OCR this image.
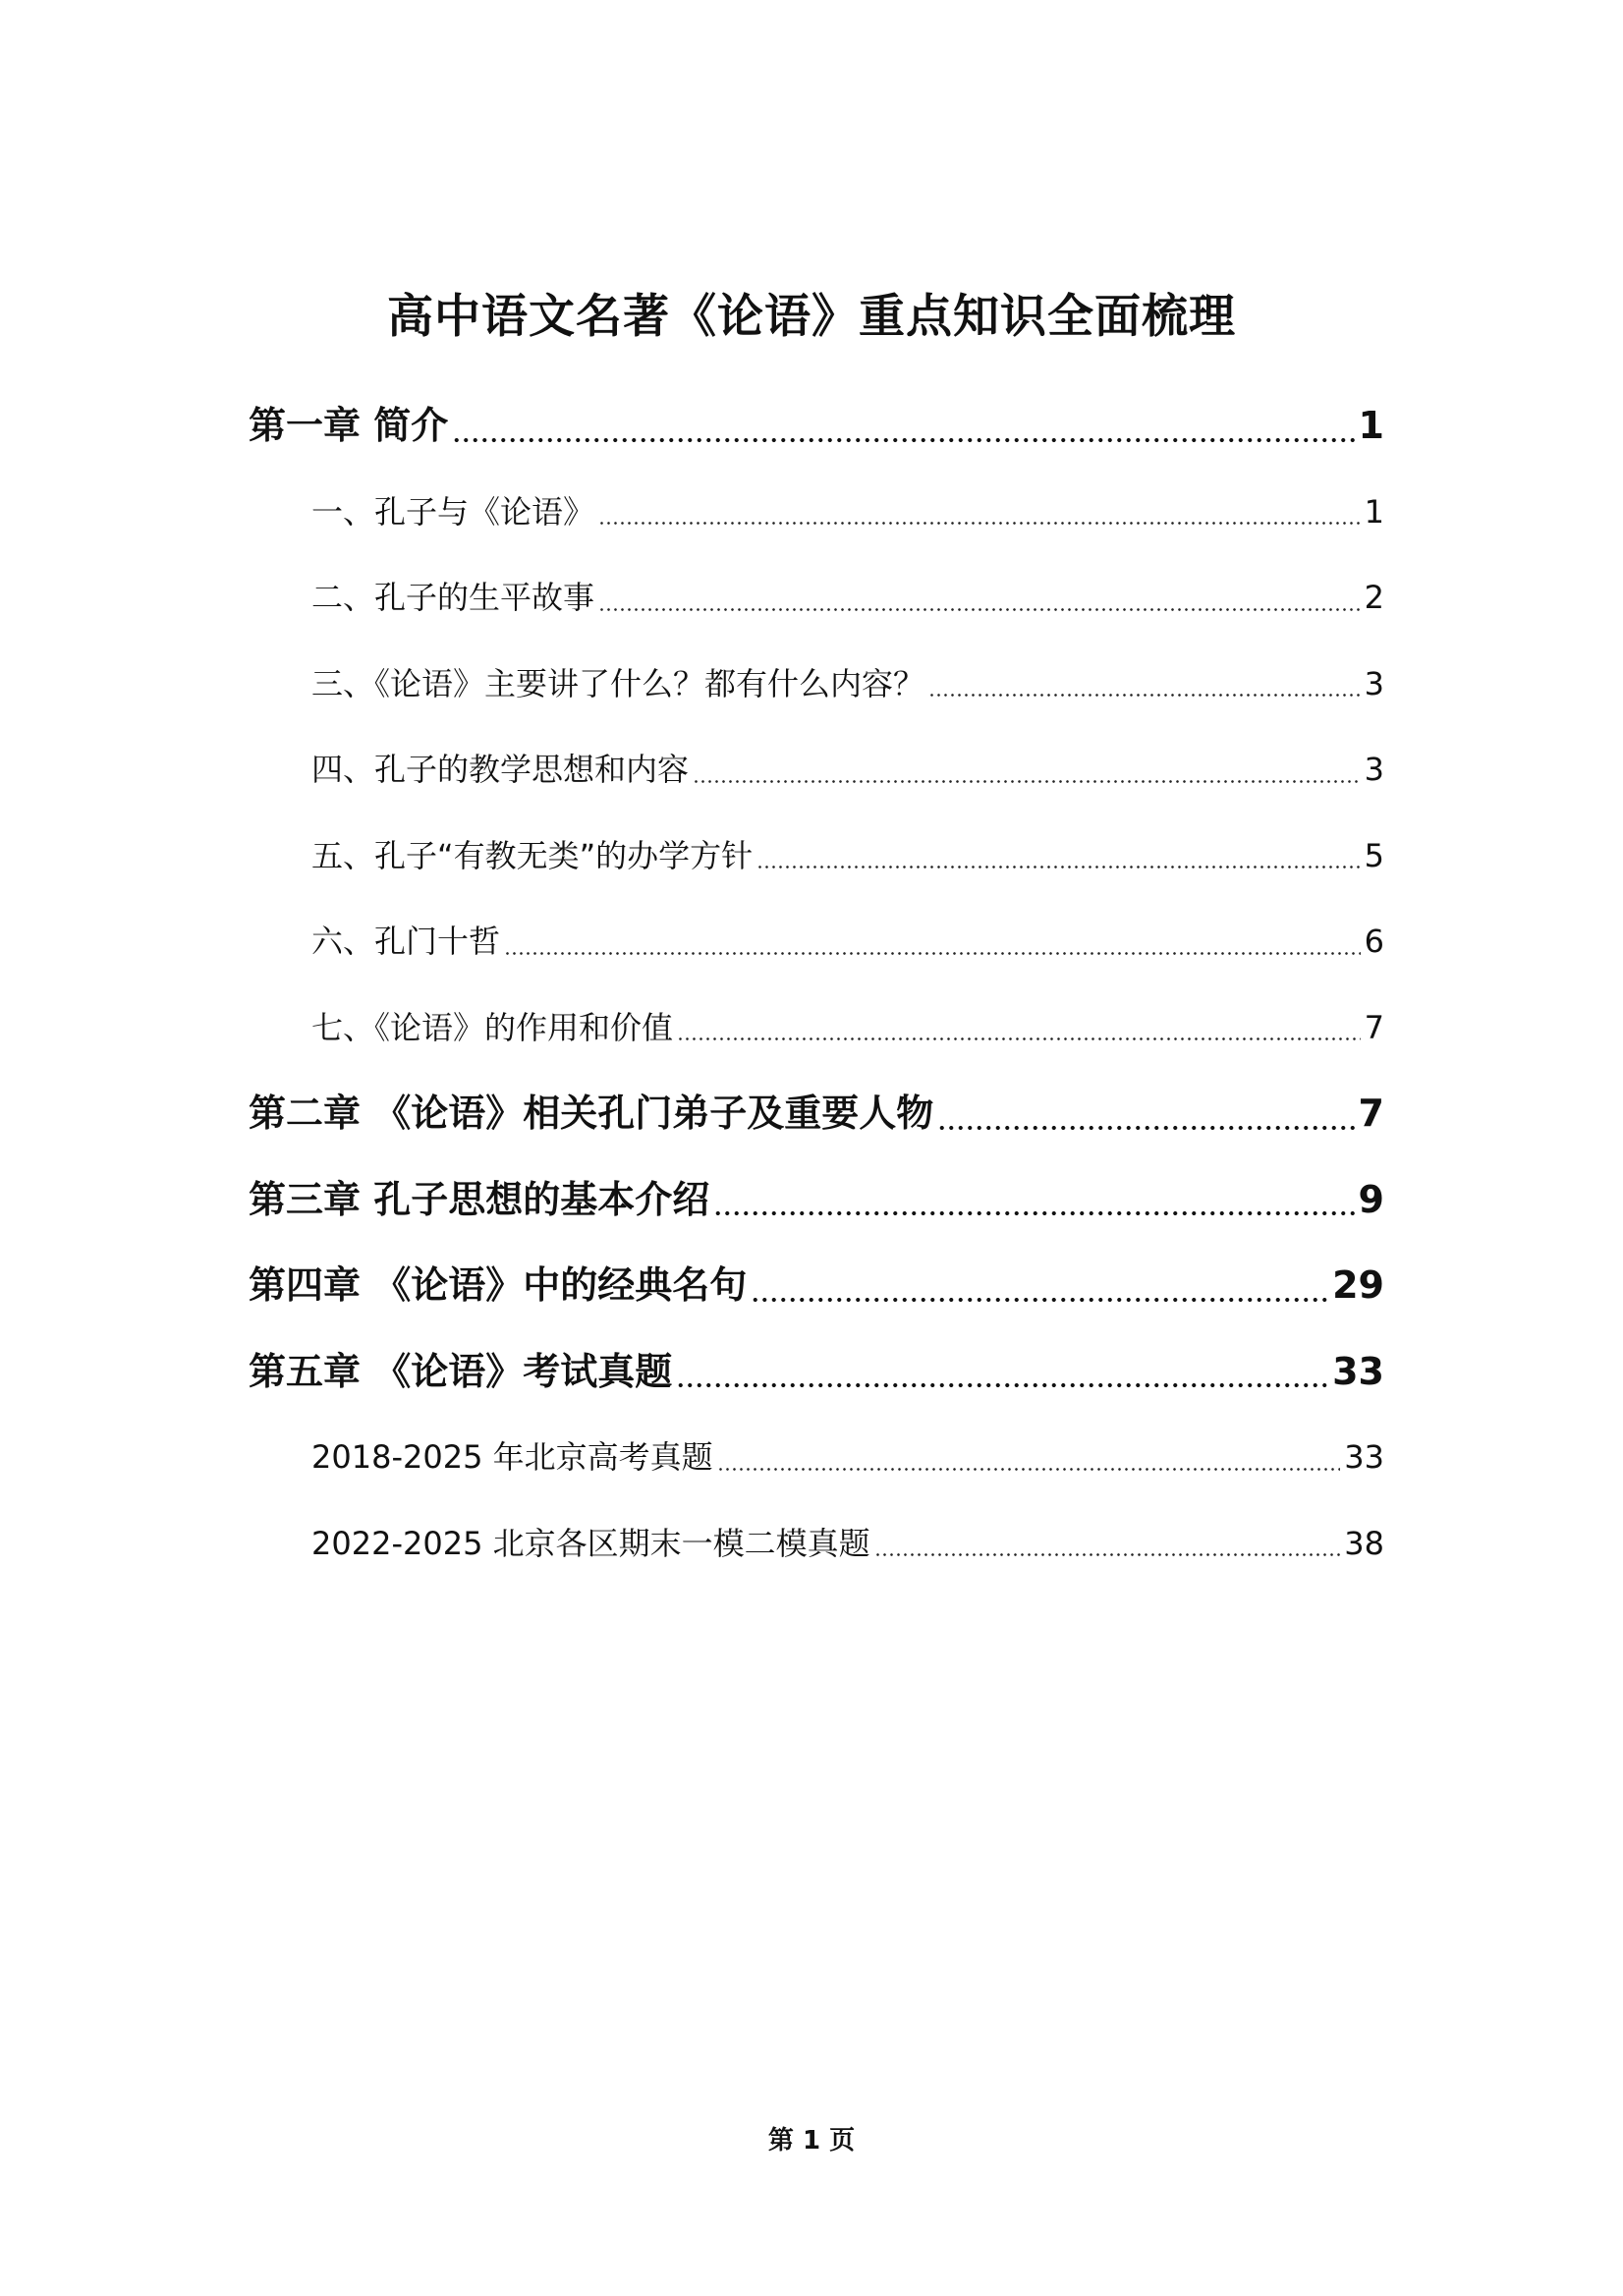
高中语文名著《论语》重点知识全面梳理
第一章 简介	1
一、孔子与《论语》	1
二、孔子的生平故事	2
三、《论语》主要讲了什么？都有什么内容？	3
四、孔子的教学思想和内容	3
五、孔子“有教无类”的办学方针	5
六、孔门十哲	6
七、《论语》的作用和价值	7
第二章 《论语》相关孔门弟子及重要人物	7
第三章 孔子思想的基本介绍	9
第四章 《论语》中的经典名句	29
第五章 《论语》考试真题	33
2018-2025 年北京高考真题	33
2022-2025 北京各区期末一模二模真题	38
第 1 页
